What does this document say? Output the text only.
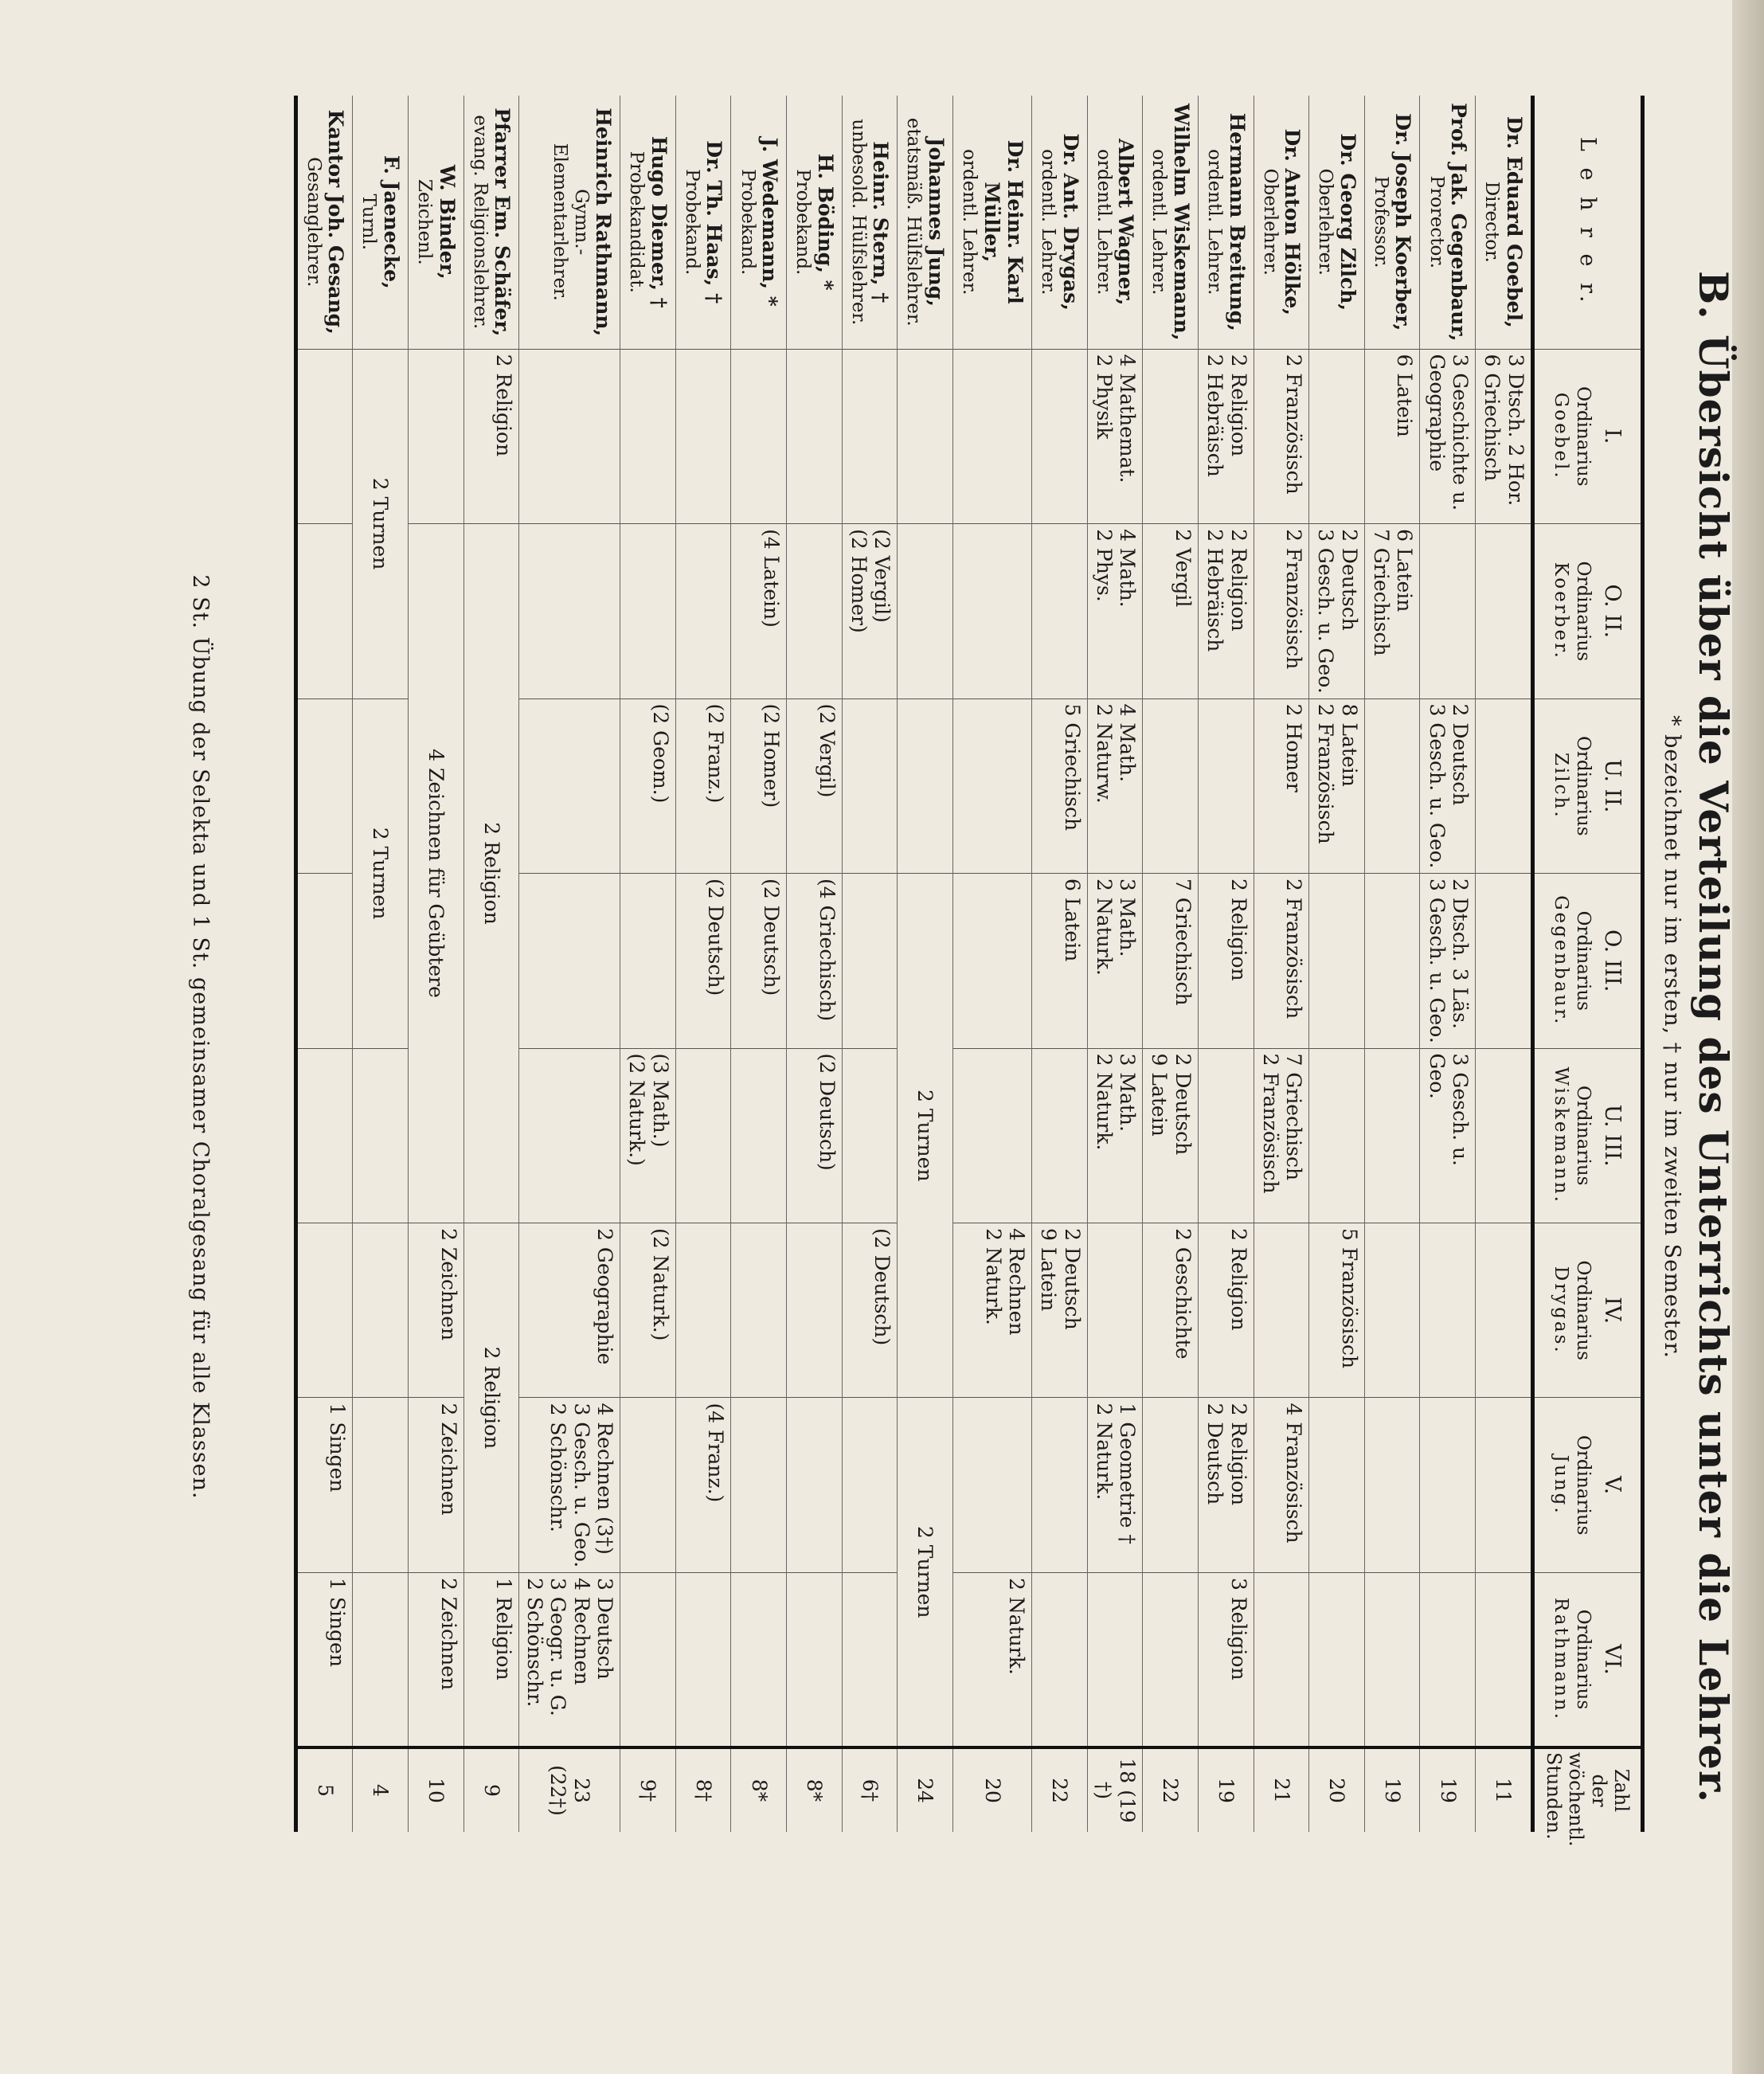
B. Übersicht über die Verteilung des Unterrichts unter die Lehrer.
* bezeichnet nur im ersten, † nur im zweiten Semester.
L e h r e r.	I.
Ordinarius
Goebel.	O. II.
Ordinarius
Koerber.	U. II.
Ordinarius
Zilch.	O. III.
Ordinarius
Gegenbaur.	U. III.
Ordinarius
Wiskemann.	IV.
Ordinarius
Drygas.	V.
Ordinarius
Jung.	VI.
Ordinarius
Rathmann.	Zahl der wöchentl. Stunden.

Dr. Eduard Goebel,
Director.	3 Dtsch. 2 Hor.
6 Griechisch								11

Prof. Jak. Gegenbaur,
Prorector.	3 Geschichte u.
Geographie		2 Deutsch
3 Gesch. u. Geo.	2 Dtsch. 3 Läs.
3 Gesch. u. Geo.	3 Gesch. u. Geo.				19

Dr. Joseph Koerber,
Professor.	6 Latein	6 Latein
7 Griechisch							19

Dr. Georg Zilch,
Oberlehrer.		2 Deutsch
3 Gesch. u. Geo.	8 Latein
2 Französisch			5 Französisch			20

Dr. Anton Hölke,
Oberlehrer.	2 Französisch	2 Französisch	2 Homer	2 Französisch	7 Griechisch
2 Französisch		4 Französisch		21

Hermann Breitung,
ordentl. Lehrer.	2 Religion
2 Hebräisch	2 Religion
2 Hebräisch		2 Religion		2 Religion	2 Religion
2 Deutsch	3 Religion	19

Wilhelm Wiskemann,
ordentl. Lehrer.		2 Vergil		7 Griechisch	2 Deutsch
9 Latein	2 Geschichte			22

Albert Wagner,
ordentl. Lehrer.	4 Mathemat.
2 Physik	4 Math.
2 Phys.	4 Math.
2 Naturw.	3 Math.
2 Naturk.	3 Math.
2 Naturk.		1 Geometrie †
2 Naturk.		18 (19 †)

Dr. Ant. Drygas,
ordentl. Lehrer.			5 Griechisch	6 Latein		2 Deutsch
9 Latein			22

Dr. Heinr. Karl Müller,
ordentl. Lehrer.						4 Rechnen
2 Naturk.		2 Naturk.	20

Johannes Jung,
etatsmäß. Hülfslehrer.				2 Turnen			2 Turnen		24

Heinr. Stern, †
unbesold. Hülfslehrer.		(2 Vergil)
(2 Homer)				(2 Deutsch)			6†

H. Böding, *
Probekand.			(2 Vergil)	(4 Griechisch)	(2 Deutsch)				8*

J. Wedemann, *
Probekand.		(4 Latein)	(2 Homer)	(2 Deutsch)					8*

Dr. Th. Haas, †
Probekand.			(2 Franz.)	(2 Deutsch)			(4 Franz.)		8†

Hugo Diemer, †
Probekandidat.			(2 Geom.)		(3 Math.)
(2 Naturk.)	(2 Naturk.)			9†

Heinrich Rathmann,
Gymn.-
Elementarlehrer.						2 Geographie	4 Rechnen (3†)
3 Gesch. u. Geo.
2 Schönschr.	3 Deutsch
4 Rechnen
3 Geogr. u. G.
2 Schönschr.	23 (22†)

Pfarrer Em. Schäfer,
evang. Religionslehrer.	2 Religion	2 Religion				2 Religion		1 Religion	9

W. Binder,
Zeichenl.		4 Zeichnen für Geübtere				2 Zeichnen	2 Zeichnen	2 Zeichnen	10

F. Jaenecke,
Turnl.	2 Turnen		2 Turnen						4

Kantor Joh. Gesang,
Gesanglehrer.							1 Singen	1 Singen	5
2 St. Übung der Selekta und 1 St. gemeinsamer Choralgesang für alle Klassen.
